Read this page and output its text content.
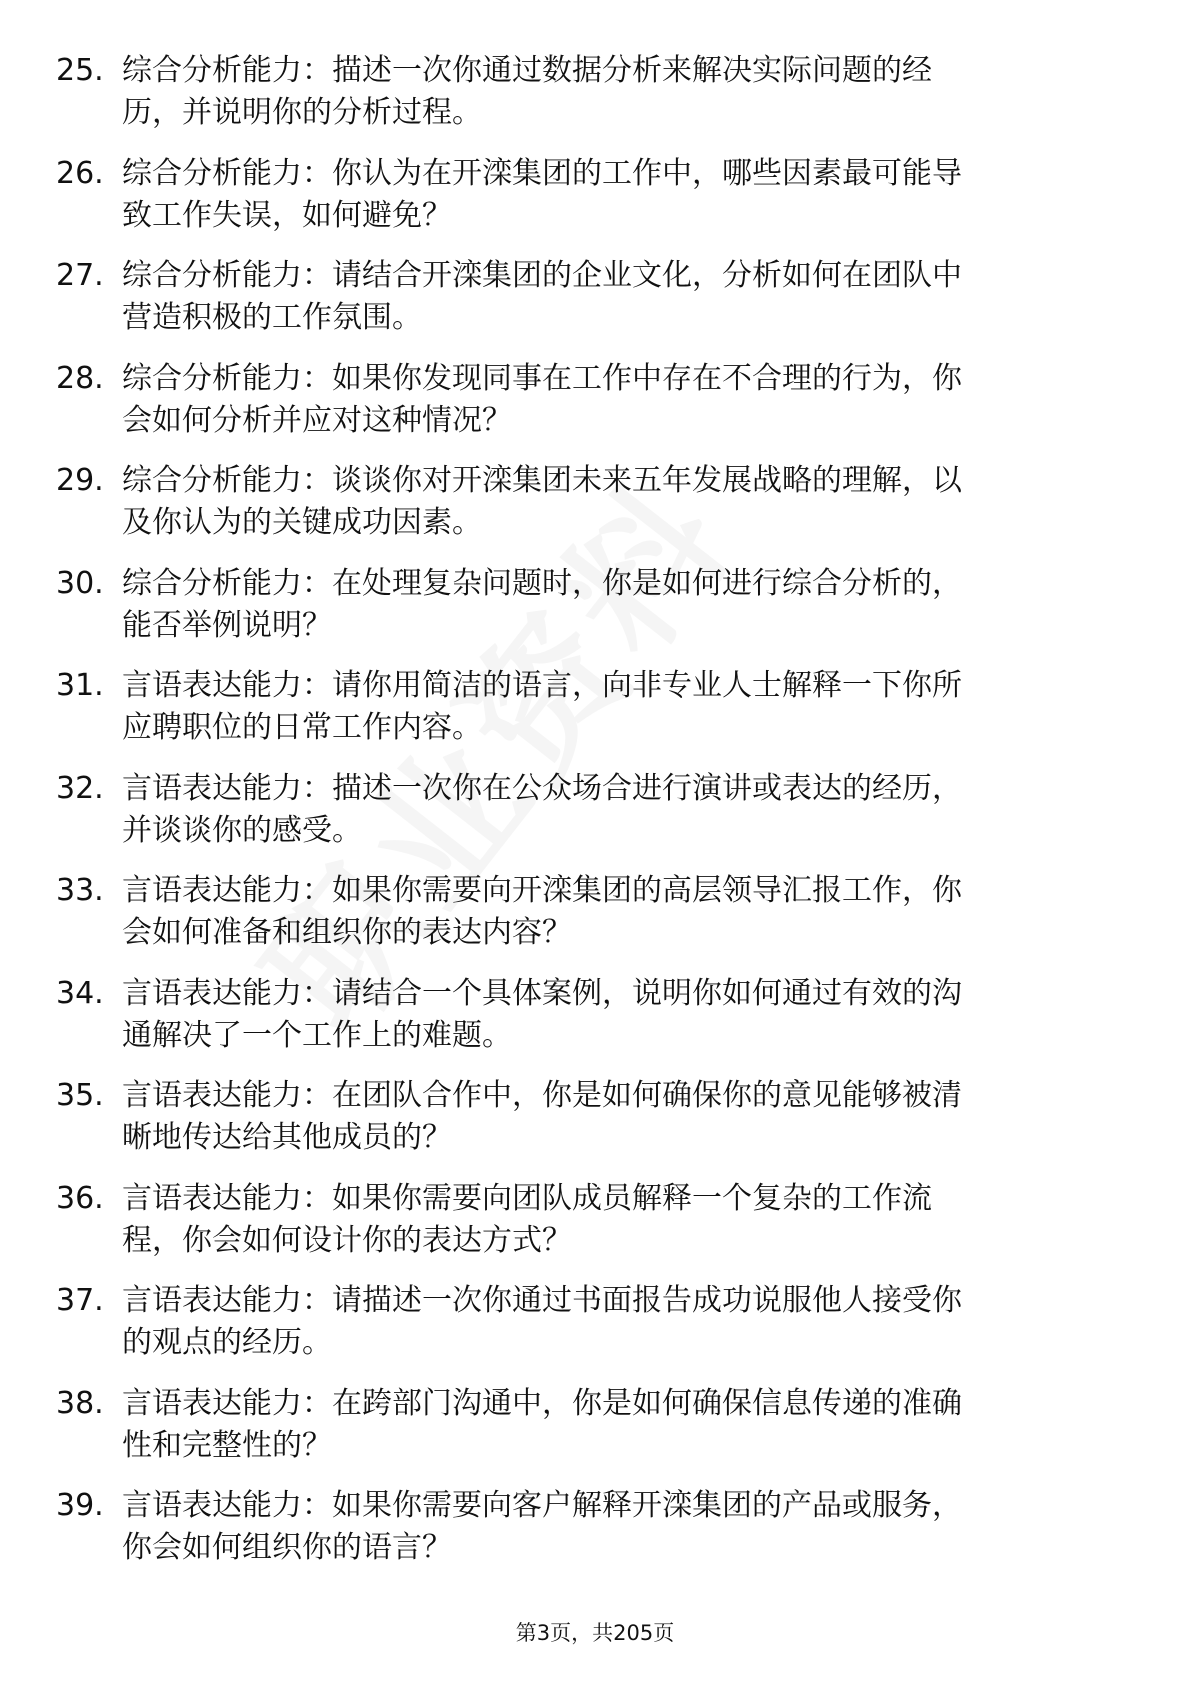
25. 综合分析能力：描述一次你通过数据分析来解决实际问题的经
历，并说明你的分析过程。
26. 综合分析能力：你认为在开滦集团的工作中，哪些因素最可能导
致工作失误，如何避免？
27. 综合分析能力：请结合开滦集团的企业文化，分析如何在团队中
营造积极的工作氛围。
28. 综合分析能力：如果你发现同事在工作中存在不合理的行为，你
会如何分析并应对这种情况？
29. 综合分析能力：谈谈你对开滦集团未来五年发展战略的理解，以
及你认为的关键成功因素。
30. 综合分析能力：在处理复杂问题时，你是如何进行综合分析的，
能否举例说明？
31. 言语表达能力：请你用简洁的语言，向非专业人士解释一下你所
应聘职位的日常工作内容。
32. 言语表达能力：描述一次你在公众场合进行演讲或表达的经历，
并谈谈你的感受。
33. 言语表达能力：如果你需要向开滦集团的高层领导汇报工作，你
会如何准备和组织你的表达内容？
34. 言语表达能力：请结合一个具体案例，说明你如何通过有效的沟
通解决了一个工作上的难题。
35. 言语表达能力：在团队合作中，你是如何确保你的意见能够被清
晰地传达给其他成员的？
36. 言语表达能力：如果你需要向团队成员解释一个复杂的工作流
程，你会如何设计你的表达方式？
37. 言语表达能力：请描述一次你通过书面报告成功说服他人接受你
的观点的经历。
38. 言语表达能力：在跨部门沟通中，你是如何确保信息传递的准确
性和完整性的？
39. 言语表达能力：如果你需要向客户解释开滦集团的产品或服务，
你会如何组织你的语言？
第3页，共205页
